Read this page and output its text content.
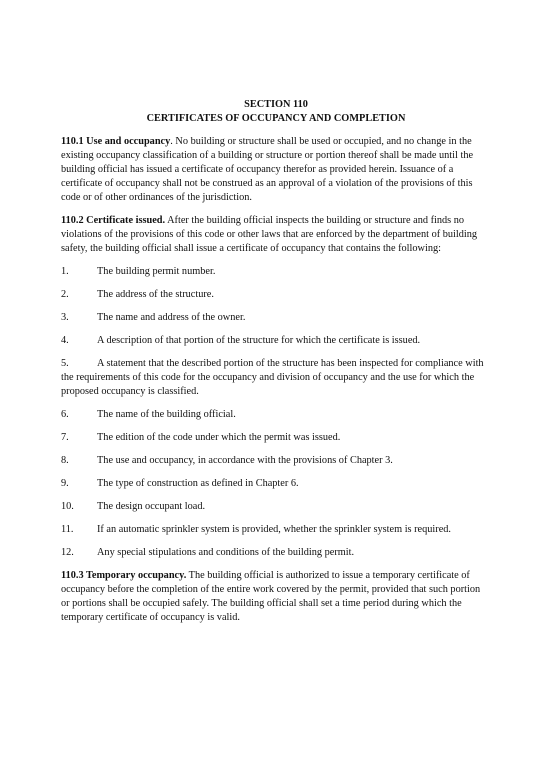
SECTION 110
CERTIFICATES OF OCCUPANCY AND COMPLETION
110.1 Use and occupancy. No building or structure shall be used or occupied, and no change in the existing occupancy classification of a building or structure or portion thereof shall be made until the building official has issued a certificate of occupancy therefor as provided herein. Issuance of a certificate of occupancy shall not be construed as an approval of a violation of the provisions of this code or of other ordinances of the jurisdiction.
110.2 Certificate issued. After the building official inspects the building or structure and finds no violations of the provisions of this code or other laws that are enforced by the department of building safety, the building official shall issue a certificate of occupancy that contains the following:
1.	The building permit number.
2.	The address of the structure.
3.	The name and address of the owner.
4.	A description of that portion of the structure for which the certificate is issued.
5.	A statement that the described portion of the structure has been inspected for compliance with the requirements of this code for the occupancy and division of occupancy and the use for which the proposed occupancy is classified.
6.	The name of the building official.
7.	The edition of the code under which the permit was issued.
8.	The use and occupancy, in accordance with the provisions of Chapter 3.
9.	The type of construction as defined in Chapter 6.
10. The design occupant load.
11. If an automatic sprinkler system is provided, whether the sprinkler system is required.
12. Any special stipulations and conditions of the building permit.
110.3 Temporary occupancy. The building official is authorized to issue a temporary certificate of occupancy before the completion of the entire work covered by the permit, provided that such portion or portions shall be occupied safely. The building official shall set a time period during which the temporary certificate of occupancy is valid.
